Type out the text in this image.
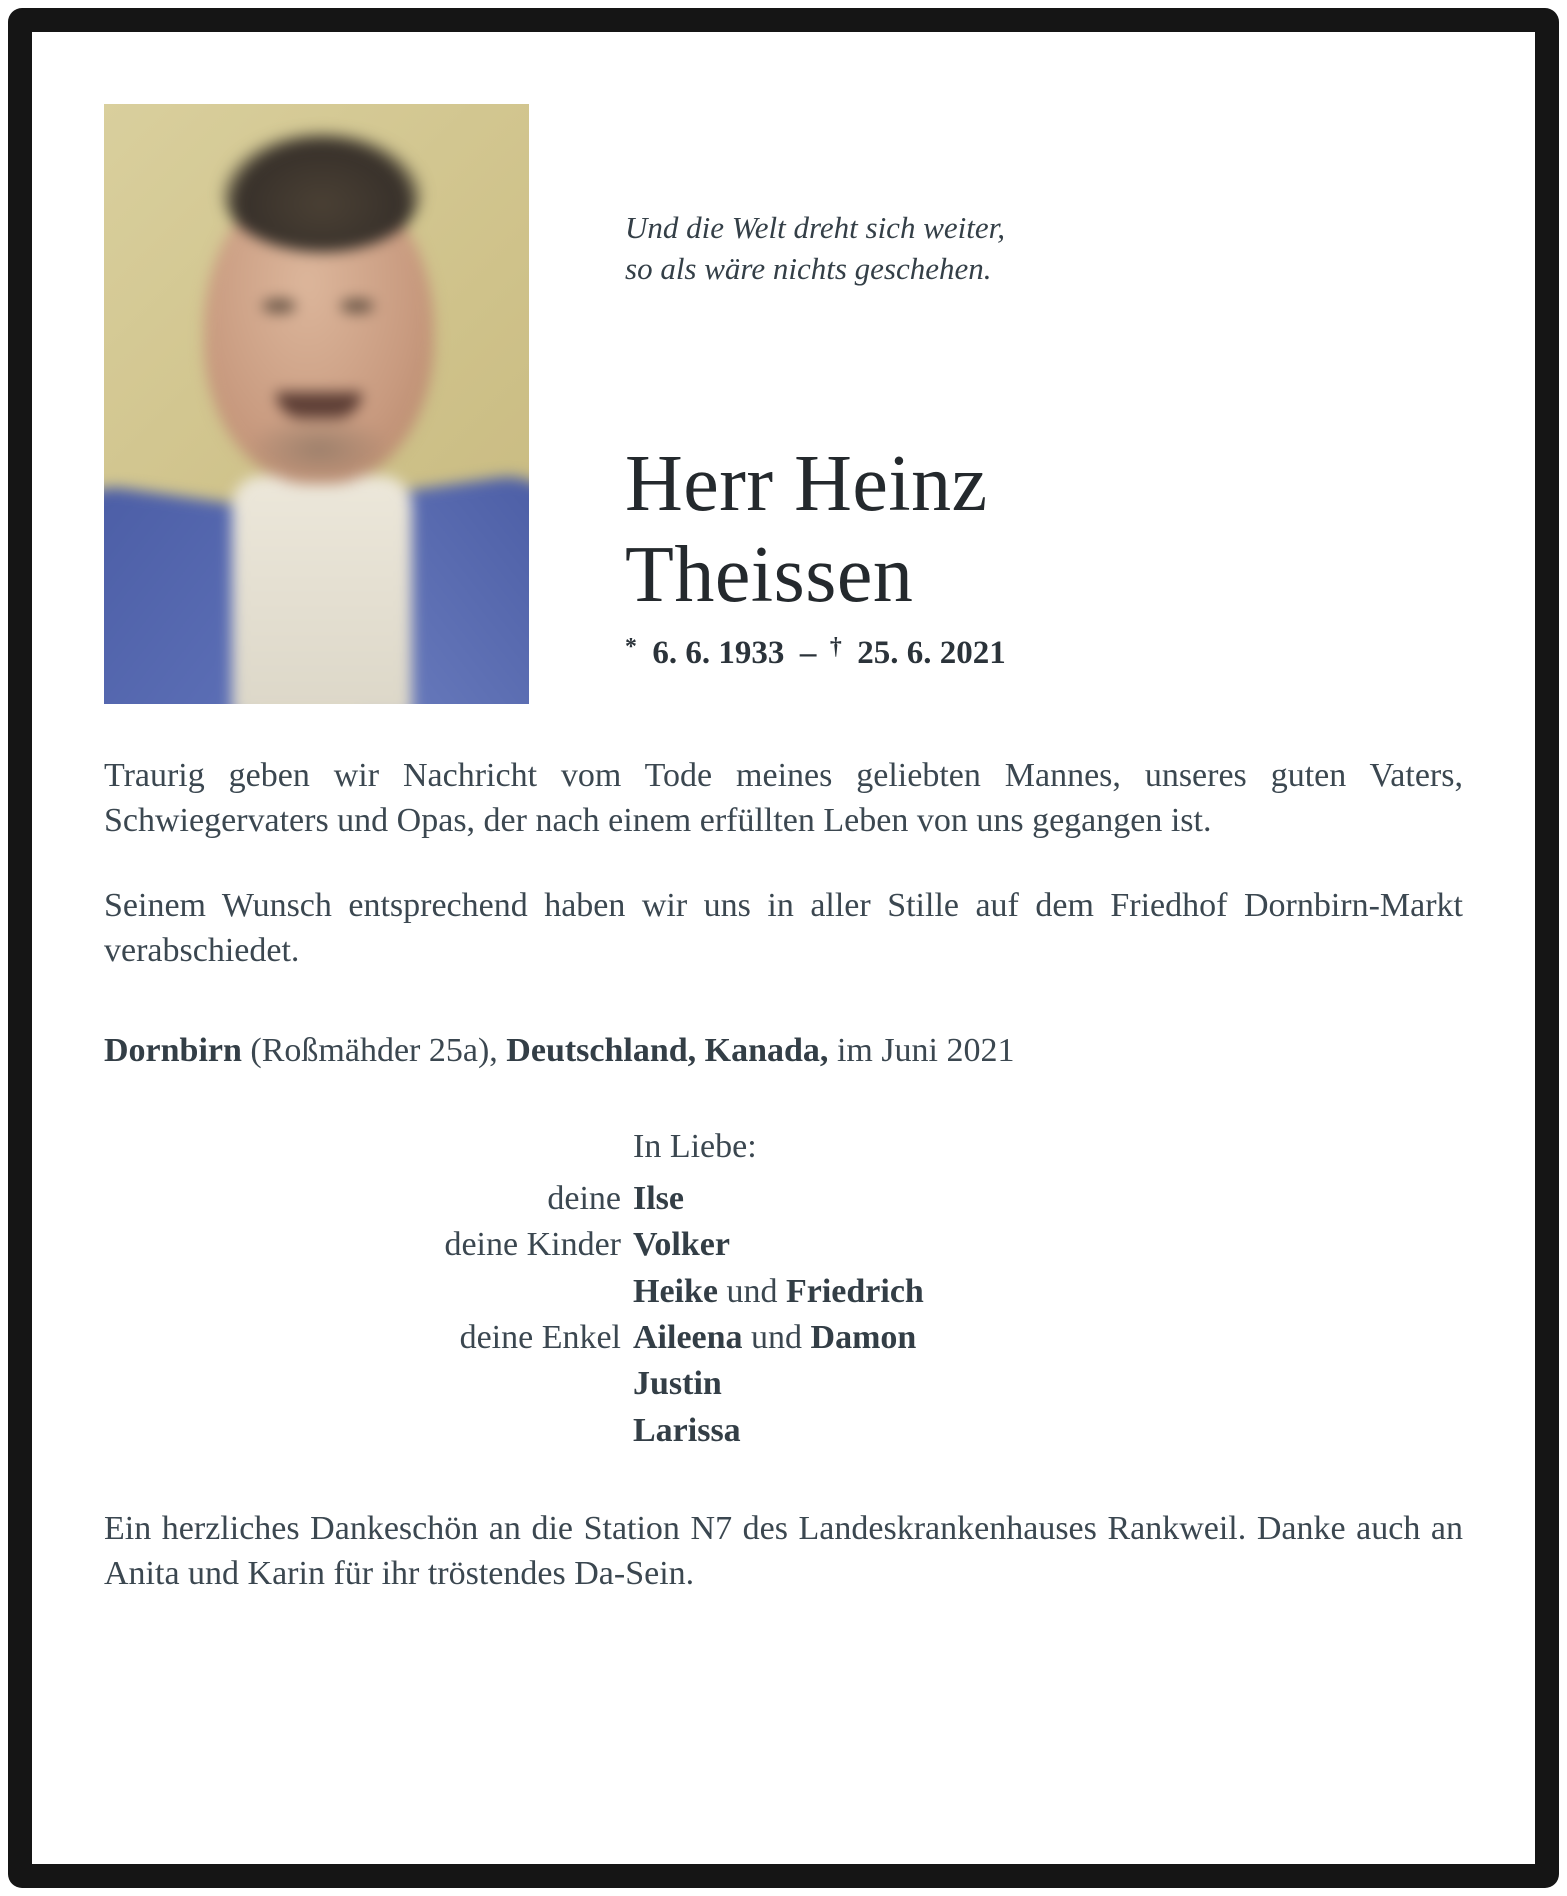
Und die Welt dreht sich weiter,
so als wäre nichts geschehen.
Herr Heinz
Theissen
* 6. 6. 1933 – † 25. 6. 2021

Traurig geben wir Nachricht vom Tode meines geliebten Mannes, unseres guten Vaters, Schwiegervaters und Opas, der nach einem erfüllten Leben von uns gegangen ist.

Seinem Wunsch entsprechend haben wir uns in aller Stille auf dem Friedhof Dornbirn-Markt verabschiedet.

Dornbirn (Roßmähder 25a), Deutschland, Kanada, im Juni 2021

In Liebe:
deine Ilse
deine Kinder Volker
Heike und Friedrich
deine Enkel Aileena und Damon
Justin
Larissa

Ein herzliches Dankeschön an die Station N7 des Landeskrankenhauses Rankweil. Danke auch an Anita und Karin für ihr tröstendes Da-Sein.
